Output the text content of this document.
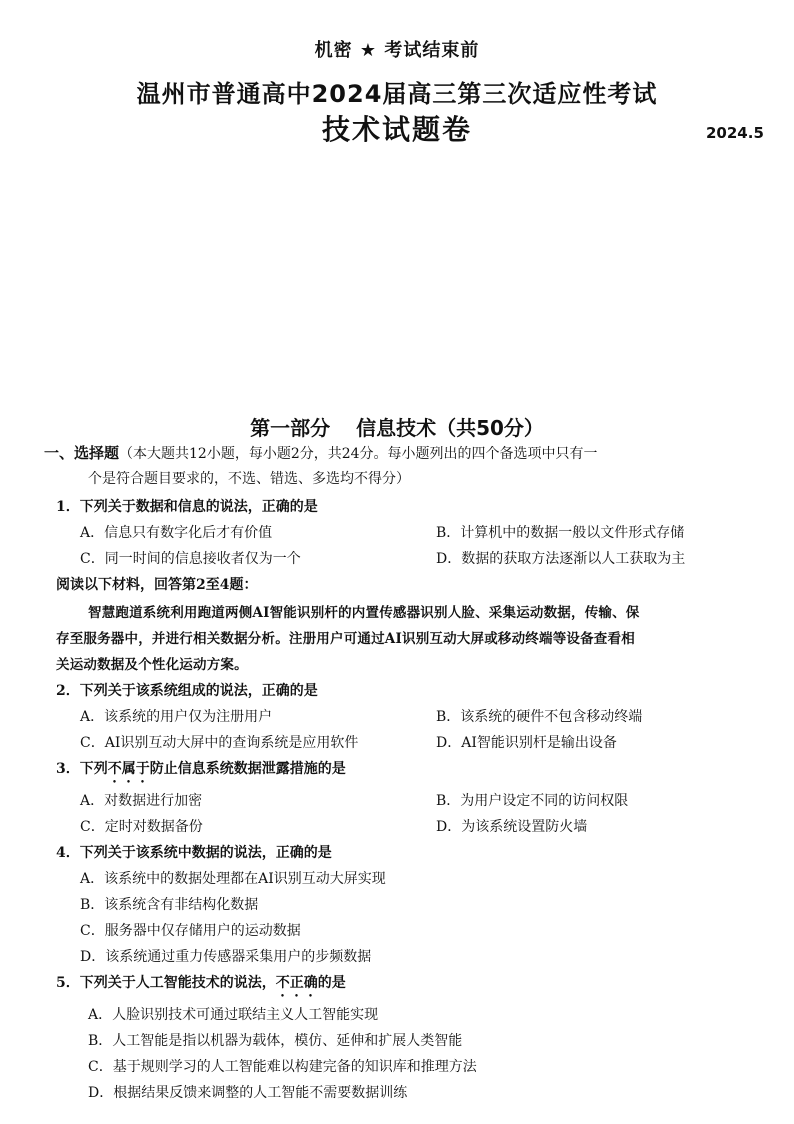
机密 ★ 考试结束前
温州市普通高中2024届高三第三次适应性考试
技术试题卷	2024.5
第一部分 信息技术（共50分）
一、选择题（本大题共12小题，每小题2分，共24分。每小题列出的四个备选项中只有一
个是符合题目要求的，不选、错选、多选均不得分）
1．下列关于数据和信息的说法，正确的是
A．信息只有数字化后才有价值	B．计算机中的数据一般以文件形式存储
C．同一时间的信息接收者仅为一个	D．数据的获取方法逐渐以人工获取为主
阅读以下材料，回答第2至4题：
智慧跑道系统利用跑道两侧AI智能识别杆的内置传感器识别人脸、采集运动数据，传输、保
存至服务器中，并进行相关数据分析。注册用户可通过AI识别互动大屏或移动终端等设备查看相
关运动数据及个性化运动方案。
2．下列关于该系统组成的说法，正确的是
A．该系统的用户仅为注册用户	B．该系统的硬件不包含移动终端
C．AI识别互动大屏中的查询系统是应用软件	D．AI智能识别杆是输出设备
3．下列不属于防止信息系统数据泄露措施的是
A．对数据进行加密	B．为用户设定不同的访问权限
C．定时对数据备份	D．为该系统设置防火墙
4．下列关于该系统中数据的说法，正确的是
A．该系统中的数据处理都在AI识别互动大屏实现
B．该系统含有非结构化数据
C．服务器中仅存储用户的运动数据
D．该系统通过重力传感器采集用户的步频数据
5．下列关于人工智能技术的说法，不正确的是
A．人脸识别技术可通过联结主义人工智能实现
B．人工智能是指以机器为载体，模仿、延伸和扩展人类智能
C．基于规则学习的人工智能难以构建完备的知识库和推理方法
D．根据结果反馈来调整的人工智能不需要数据训练
